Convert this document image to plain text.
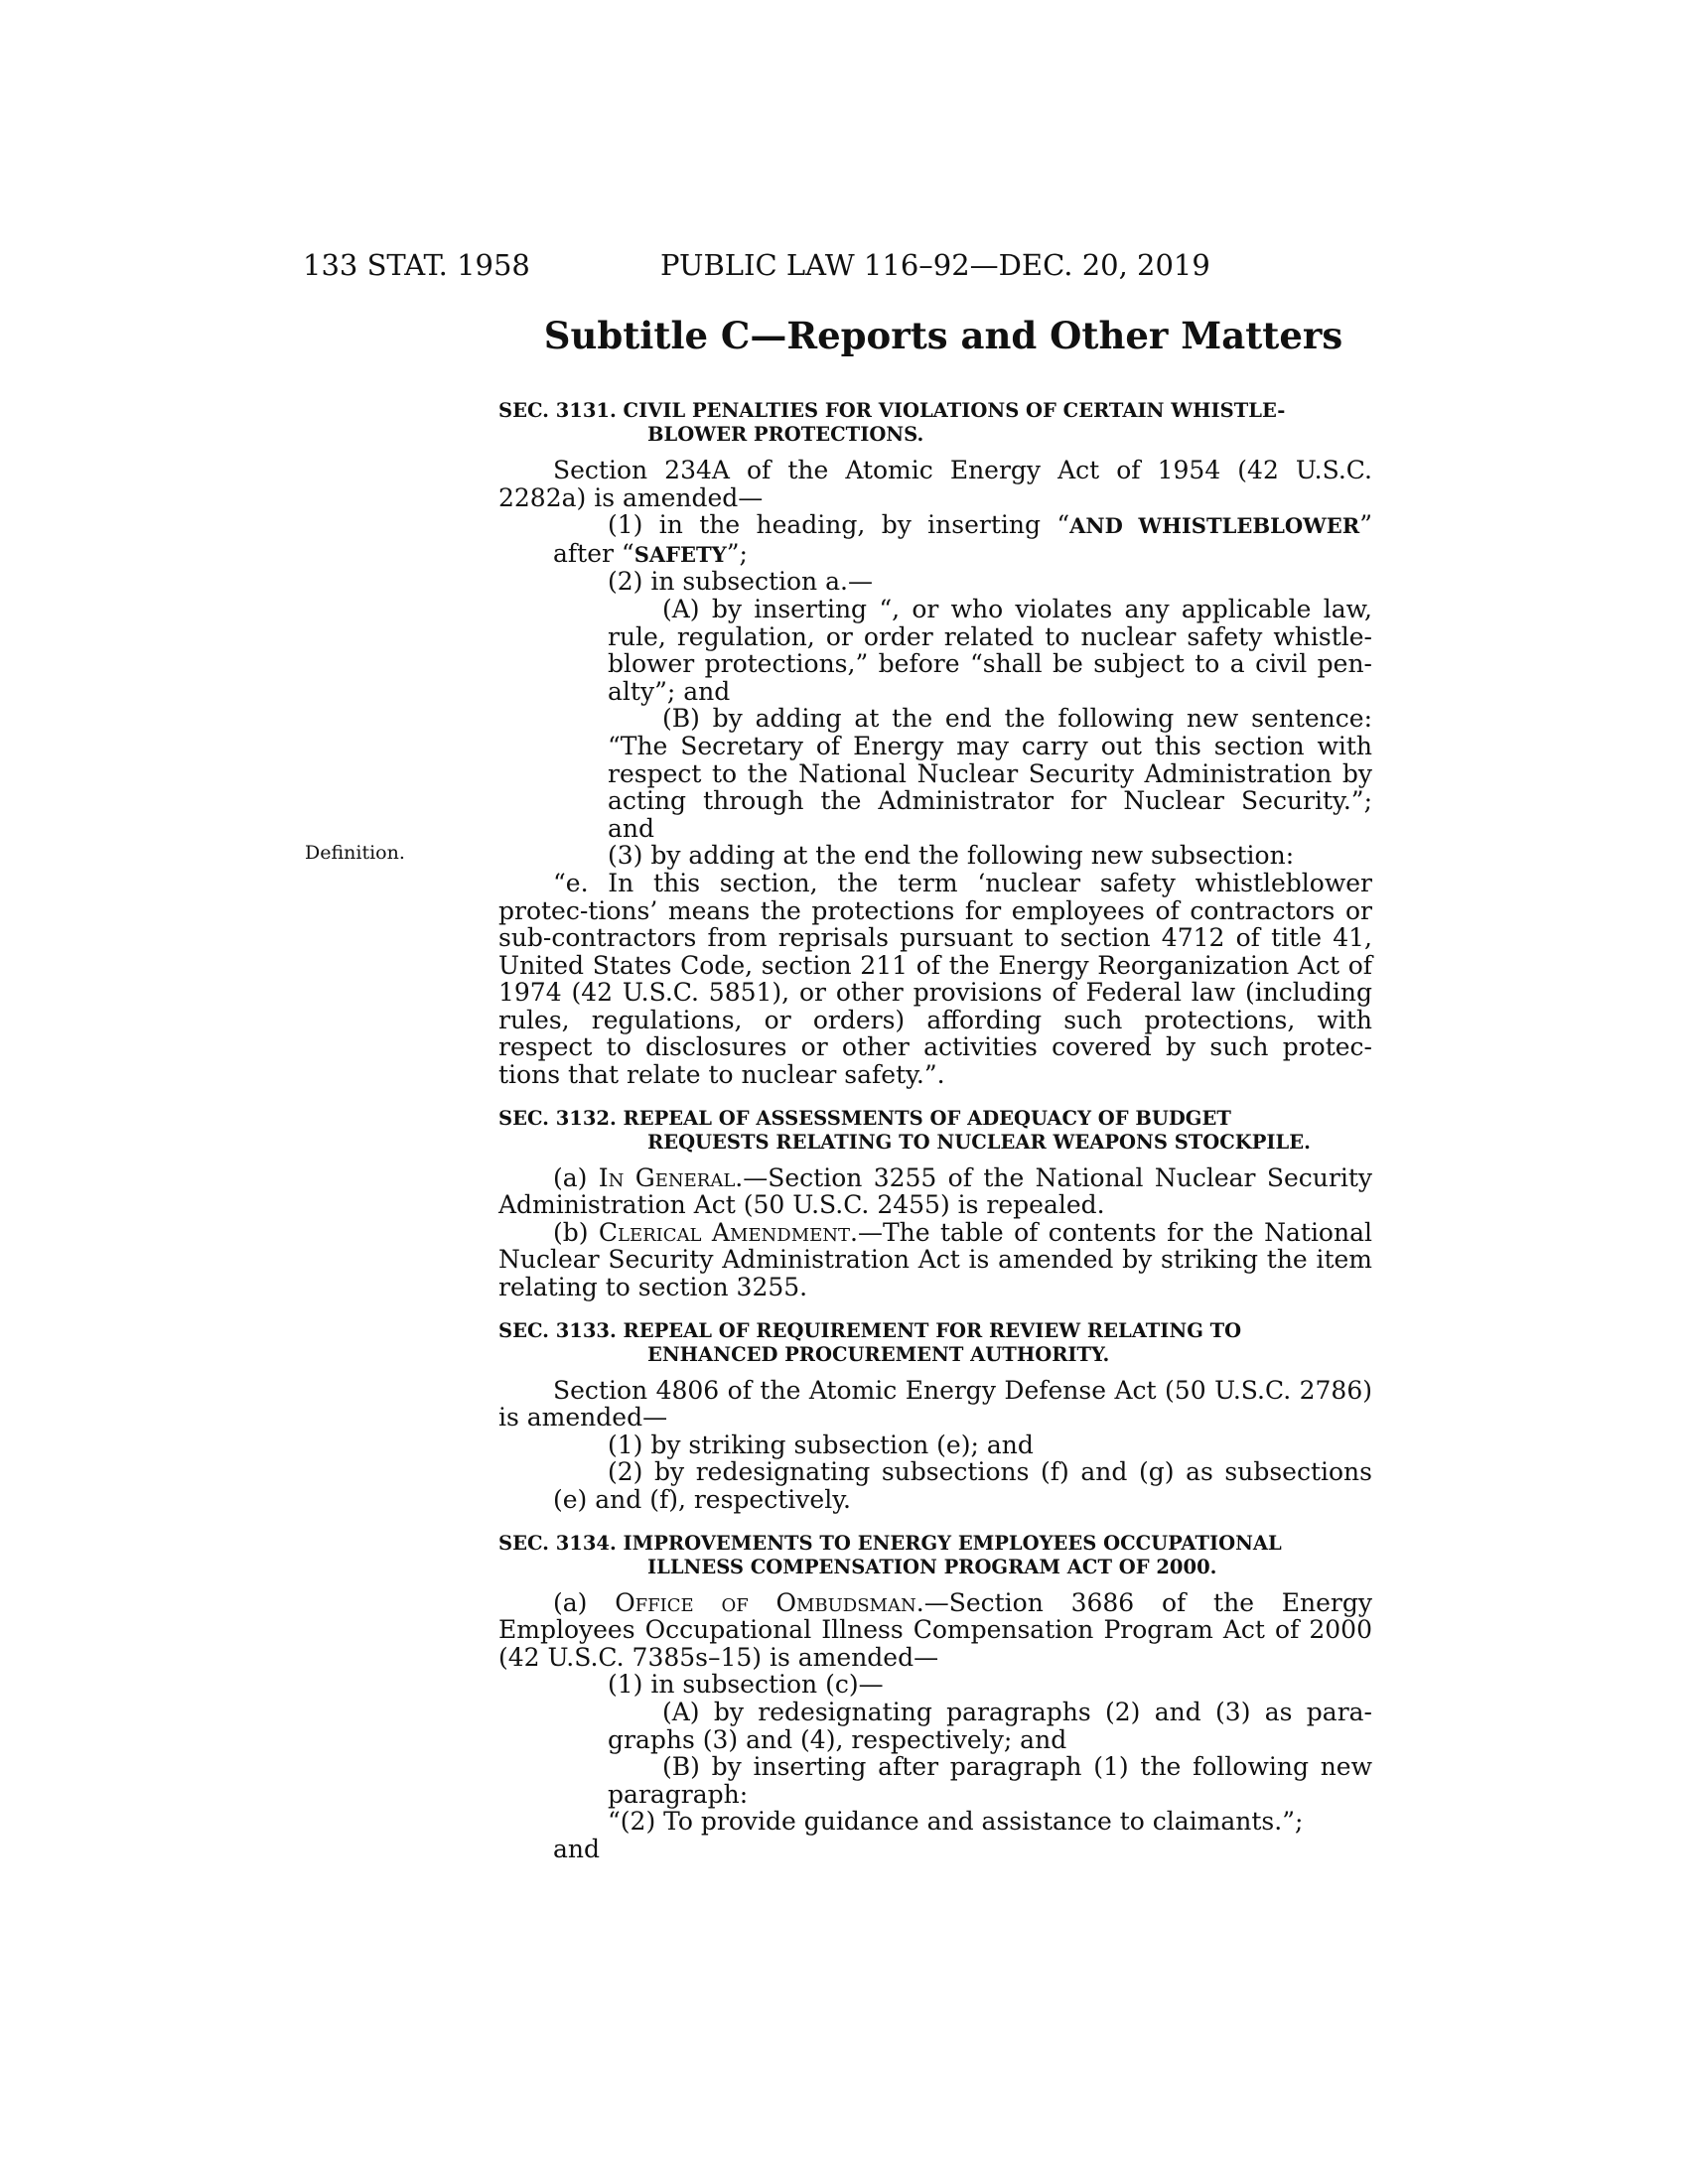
133 STAT. 1958	PUBLIC LAW 116–92—DEC. 20, 2019
Subtitle C—Reports and Other Matters
Definition.

SEC. 3131. CIVIL PENALTIES FOR VIOLATIONS OF CERTAIN WHISTLE-
BLOWER PROTECTIONS.

Section 234A of the Atomic Energy Act of 1954 (42 U.S.C. 2282a) is amended—

(1) in the heading, by inserting “AND WHISTLEBLOWER” after “SAFETY”;

(2) in subsection a.—

(A) by inserting “, or who violates any applicable law, rule, regulation, or order related to nuclear safety whistle-blower protections,” before “shall be subject to a civil pen-alty”; and

(B) by adding at the end the following new sentence: “The Secretary of Energy may carry out this section with respect to the National Nuclear Security Administration by acting through the Administrator for Nuclear Security.”; and

(3) by adding at the end the following new subsection:

“e. In this section, the term ‘nuclear safety whistleblower protec-tions’ means the protections for employees of contractors or sub-contractors from reprisals pursuant to section 4712 of title 41, United States Code, section 211 of the Energy Reorganization Act of 1974 (42 U.S.C. 5851), or other provisions of Federal law (including rules, regulations, or orders) affording such protections, with respect to disclosures or other activities covered by such protec-tions that relate to nuclear safety.”.

SEC. 3132. REPEAL OF ASSESSMENTS OF ADEQUACY OF BUDGET
REQUESTS RELATING TO NUCLEAR WEAPONS STOCKPILE.

(a) In General.—Section 3255 of the National Nuclear Security Administration Act (50 U.S.C. 2455) is repealed.

(b) Clerical Amendment.—The table of contents for the National Nuclear Security Administration Act is amended by striking the item relating to section 3255.

SEC. 3133. REPEAL OF REQUIREMENT FOR REVIEW RELATING TO
ENHANCED PROCUREMENT AUTHORITY.

Section 4806 of the Atomic Energy Defense Act (50 U.S.C. 2786) is amended—

(1) by striking subsection (e); and

(2) by redesignating subsections (f) and (g) as subsections (e) and (f), respectively.

SEC. 3134. IMPROVEMENTS TO ENERGY EMPLOYEES OCCUPATIONAL
ILLNESS COMPENSATION PROGRAM ACT OF 2000.

(a) Office of Ombudsman.—Section 3686 of the Energy Employees Occupational Illness Compensation Program Act of 2000 (42 U.S.C. 7385s–15) is amended—

(1) in subsection (c)—

(A) by redesignating paragraphs (2) and (3) as para-graphs (3) and (4), respectively; and

(B) by inserting after paragraph (1) the following new paragraph:

“(2) To provide guidance and assistance to claimants.”;

and
